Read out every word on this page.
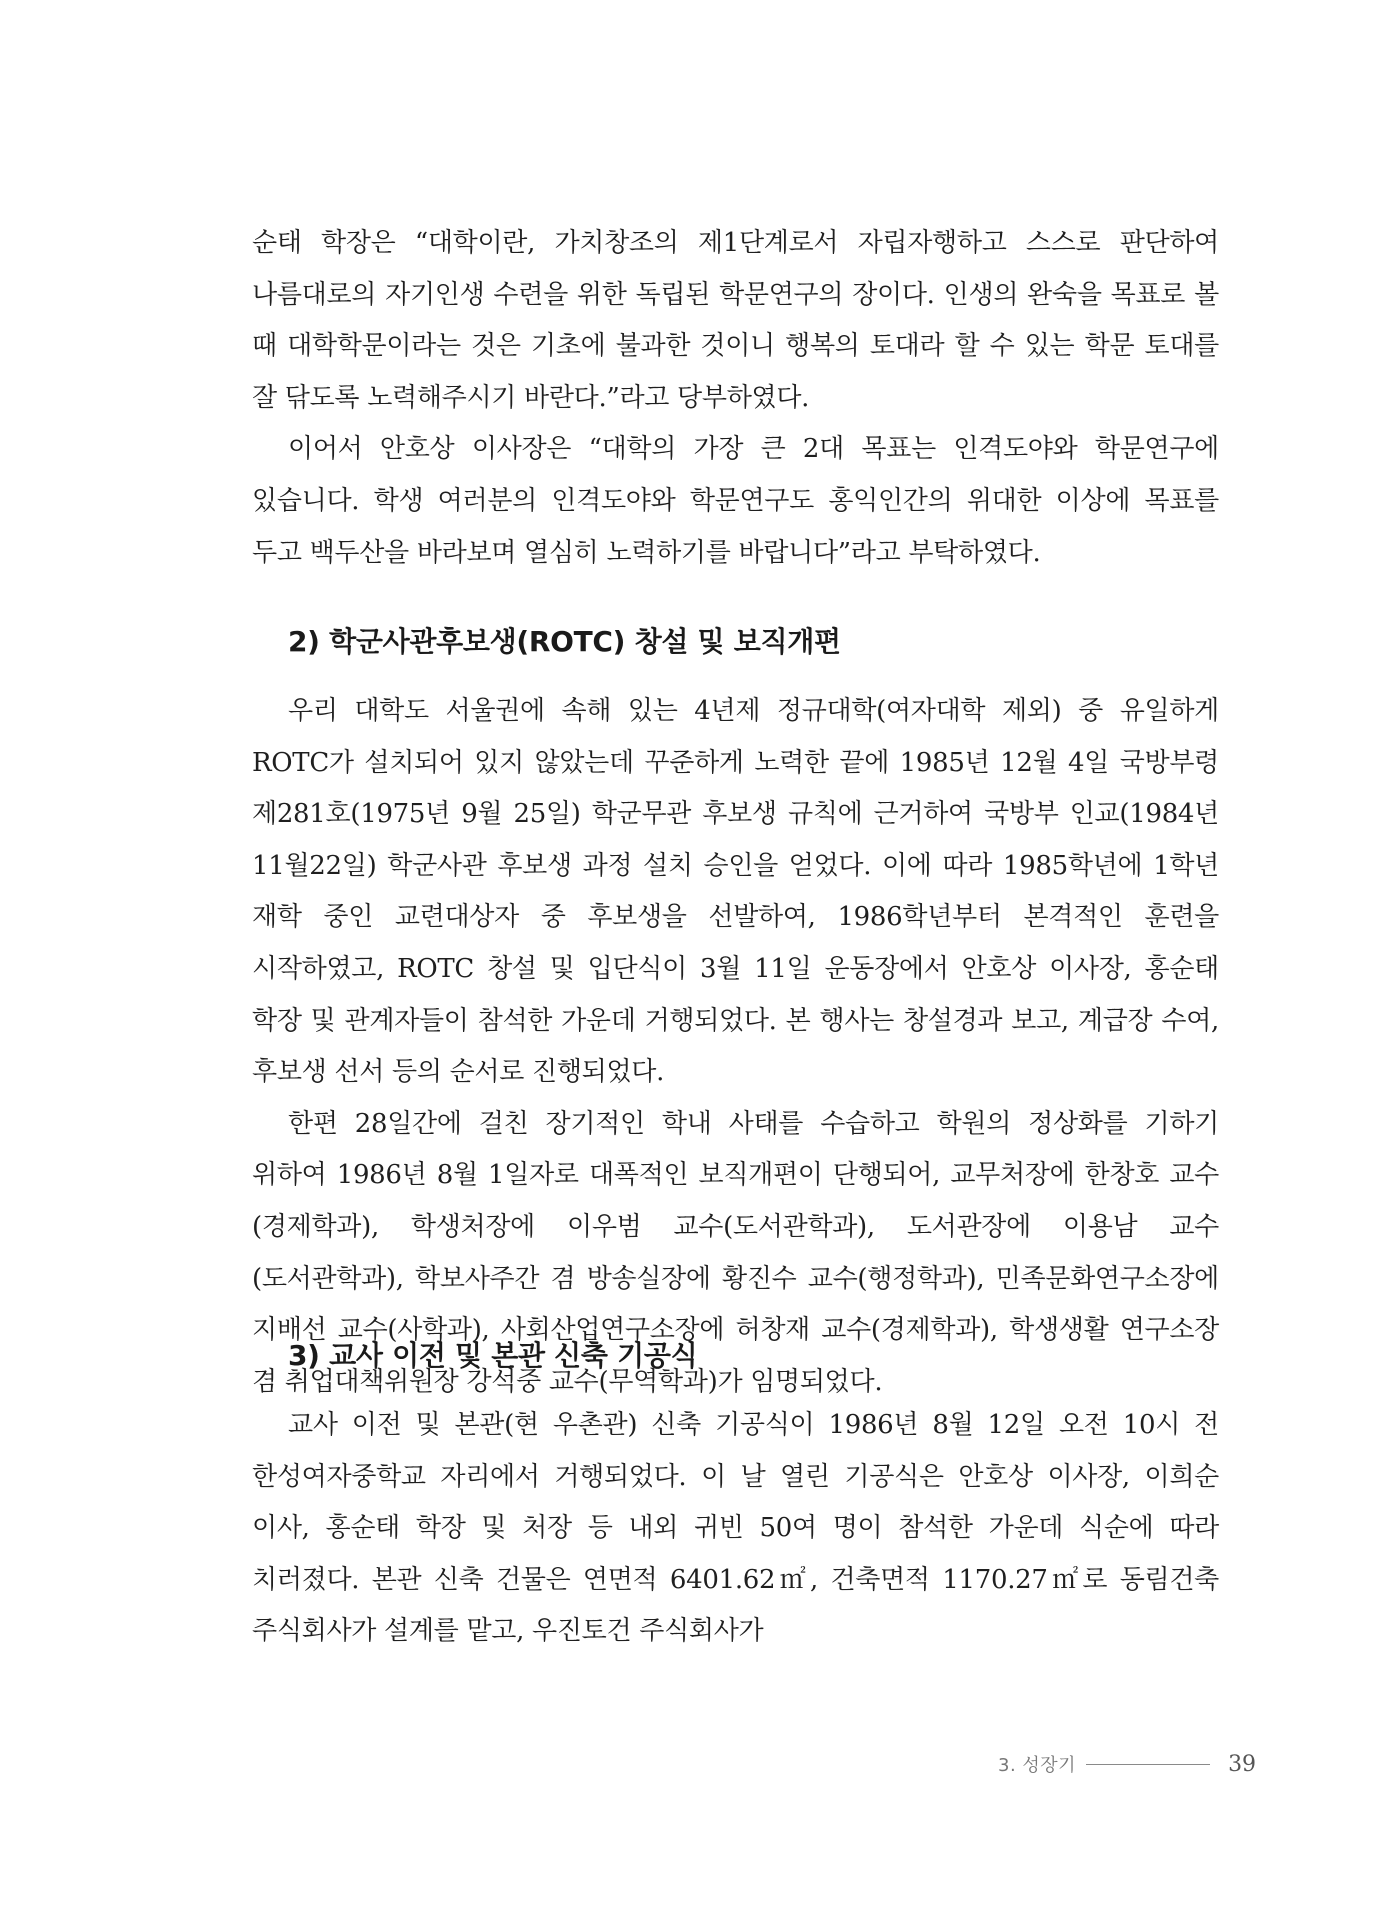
순태 학장은 “대학이란, 가치창조의 제1단계로서 자립자행하고 스스로 판단하여 나름대로의 자기인생 수련을 위한 독립된 학문연구의 장이다. 인생의 완숙을 목표로 볼 때 대학학문이라는 것은 기초에 불과한 것이니 행복의 토대라 할 수 있는 학문 토대를 잘 닦도록 노력해주시기 바란다.”라고 당부하였다.

이어서 안호상 이사장은 “대학의 가장 큰 2대 목표는 인격도야와 학문연구에 있습니다. 학생 여러분의 인격도야와 학문연구도 홍익인간의 위대한 이상에 목표를 두고 백두산을 바라보며 열심히 노력하기를 바랍니다”라고 부탁하였다.

2) 학군사관후보생(ROTC) 창설 및 보직개편

우리 대학도 서울권에 속해 있는 4년제 정규대학(여자대학 제외) 중 유일하게 ROTC가 설치되어 있지 않았는데 꾸준하게 노력한 끝에 1985년 12월 4일 국방부령 제281호(1975년 9월 25일) 학군무관 후보생 규칙에 근거하여 국방부 인교(1984년 11월22일) 학군사관 후보생 과정 설치 승인을 얻었다. 이에 따라 1985학년에 1학년 재학 중인 교련대상자 중 후보생을 선발하여, 1986학년부터 본격적인 훈련을 시작하였고, ROTC 창설 및 입단식이 3월 11일 운동장에서 안호상 이사장, 홍순태 학장 및 관계자들이 참석한 가운데 거행되었다. 본 행사는 창설경과 보고, 계급장 수여, 후보생 선서 등의 순서로 진행되었다.

한편 28일간에 걸친 장기적인 학내 사태를 수습하고 학원의 정상화를 기하기 위하여 1986년 8월 1일자로 대폭적인 보직개편이 단행되어, 교무처장에 한창호 교수(경제학과), 학생처장에 이우범 교수(도서관학과), 도서관장에 이용남 교수(도서관학과), 학보사주간 겸 방송실장에 황진수 교수(행정학과), 민족문화연구소장에 지배선 교수(사학과), 사회산업연구소장에 허창재 교수(경제학과), 학생생활 연구소장 겸 취업대책위원장 강석중 교수(무역학과)가 임명되었다.

3) 교사 이전 및 본관 신축 기공식

교사 이전 및 본관(현 우촌관) 신축 기공식이 1986년 8월 12일 오전 10시 전 한성여자중학교 자리에서 거행되었다. 이 날 열린 기공식은 안호상 이사장, 이희순 이사, 홍순태 학장 및 처장 등 내외 귀빈 50여 명이 참석한 가운데 식순에 따라 치러졌다. 본관 신축 건물은 연면적 6401.62㎡, 건축면적 1170.27㎡로 동림건축 주식회사가 설계를 맡고, 우진토건 주식회사가

3. 성장기	39
